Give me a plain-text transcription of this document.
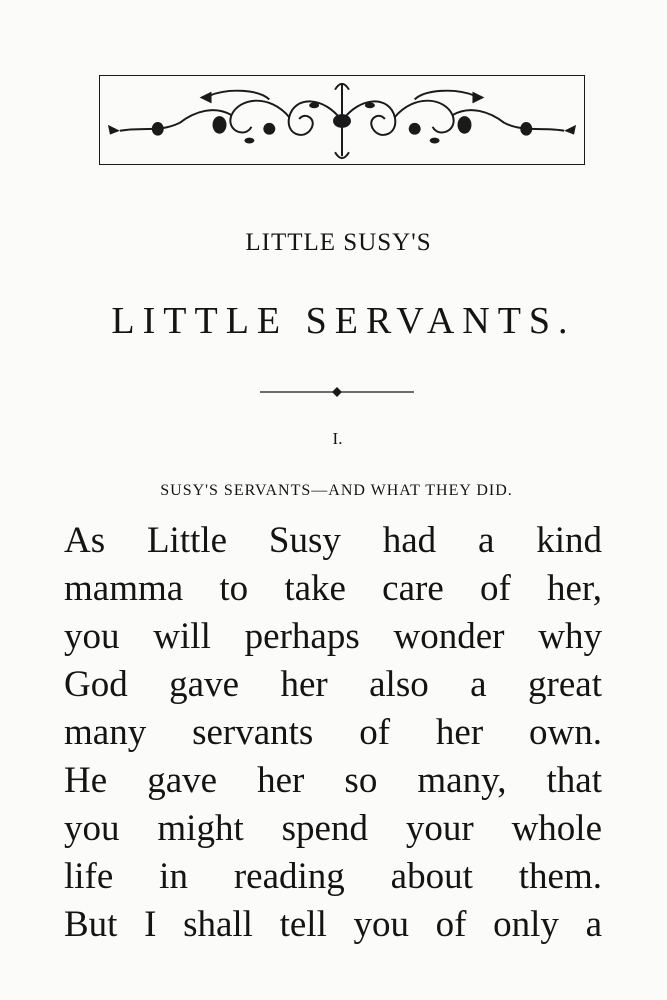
LITTLE SUSY'S
LITTLE SERVANTS.
I.
SUSY'S SERVANTS—AND WHAT THEY DID.
As Little Susy had a kind
mamma to take care of her,
you will perhaps wonder why
God gave her also a great
many servants of her own.
He gave her so many, that
you might spend your whole
life in reading about them.
But I shall tell you of only a
